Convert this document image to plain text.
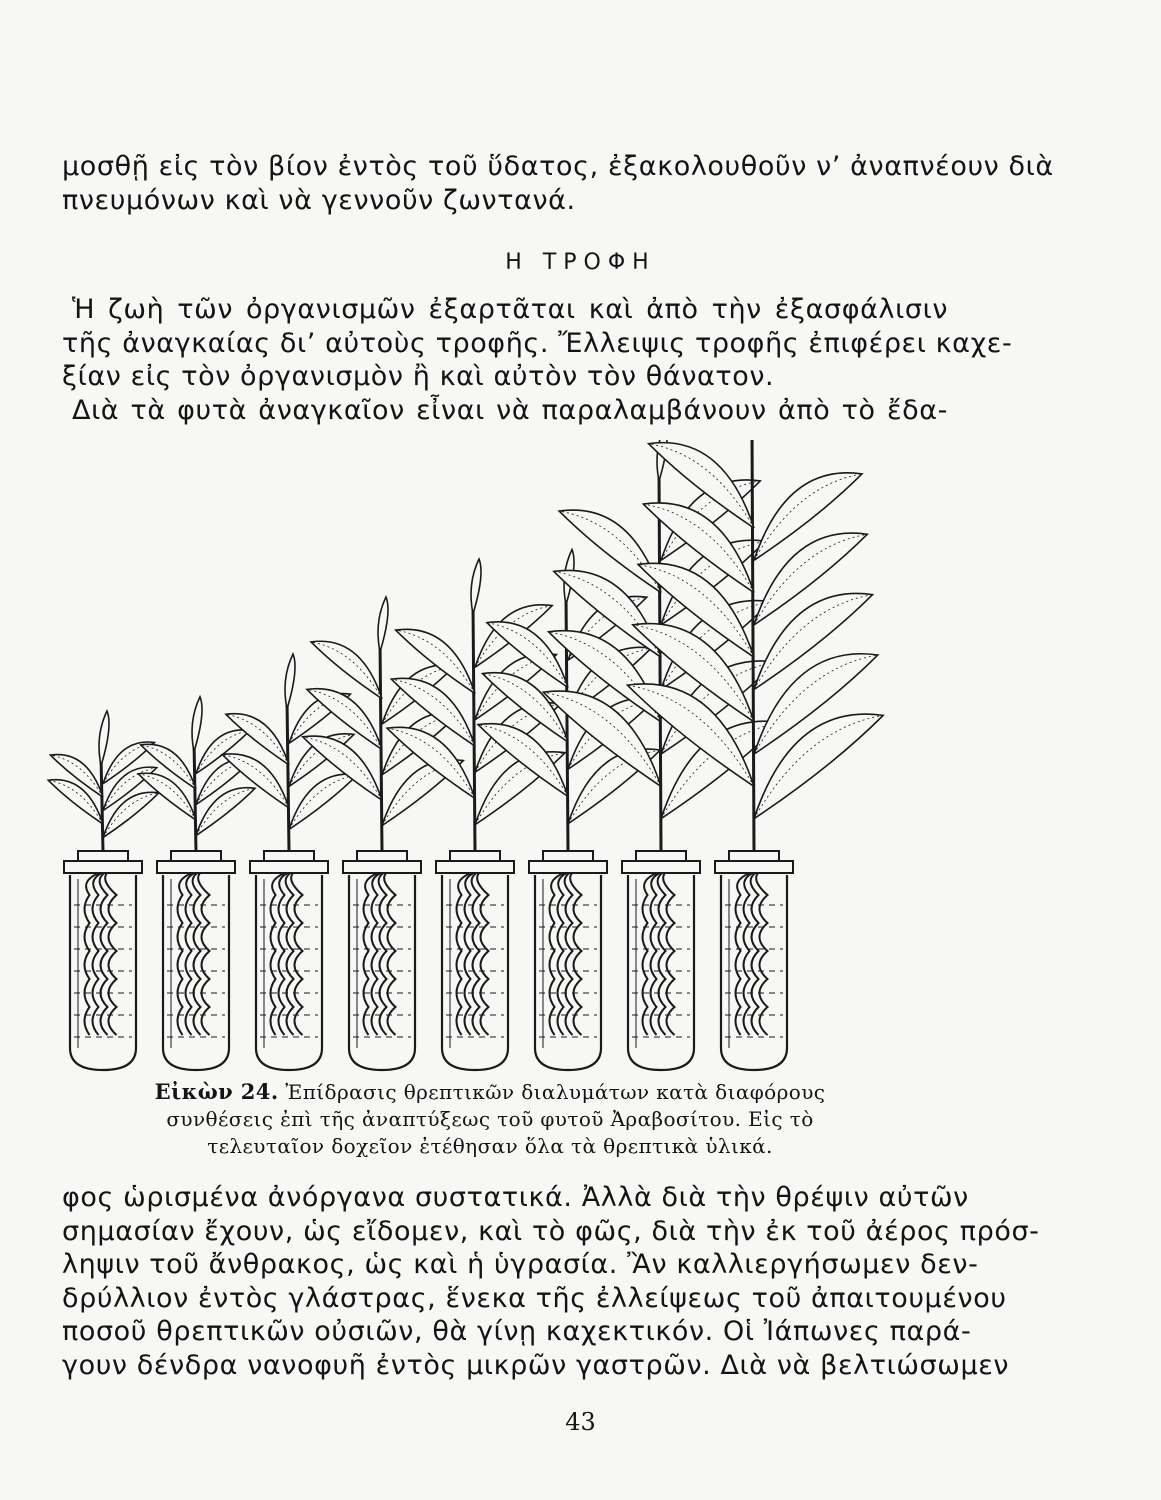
μοσθῇ εἰς τὸν βίον ἐντὸς τοῦ ὕδατος, ἐξακολουθοῦν ν’ ἀναπνέουν διὰ
πνευμόνων καὶ νὰ γεννοῦν ζωντανά.
Η ΤΡΟΦΗ
Ἡ ζωὴ τῶν ὀργανισμῶν ἐξαρτᾶται καὶ ἀπὸ τὴν ἐξασφάλισιν
τῆς ἀναγκαίας δι’ αὐτοὺς τροφῆς. Ἔλλειψις τροφῆς ἐπιφέρει καχε-
ξίαν εἰς τὸν ὀργανισμὸν ἢ καὶ αὐτὸν τὸν θάνατον.
Διὰ τὰ φυτὰ ἀναγκαῖον εἶναι νὰ παραλαμβάνουν ἀπὸ τὸ ἔδα-
Εἰκὼν 24. Ἐπίδρασις θρεπτικῶν διαλυμάτων κατὰ διαφόρους
συνθέσεις ἐπὶ τῆς ἀναπτύξεως τοῦ φυτοῦ Ἀραβοσίτου. Εἰς τὸ
τελευταῖον δοχεῖον ἐτέθησαν ὅλα τὰ θρεπτικὰ ὑλικά.
φος ὡρισμένα ἀνόργανα συστατικά. Ἀλλὰ διὰ τὴν θρέψιν αὐτῶν
σημασίαν ἔχουν, ὡς εἴδομεν, καὶ τὸ φῶς, διὰ τὴν ἐκ τοῦ ἀέρος πρόσ-
ληψιν τοῦ ἄνθρακος, ὡς καὶ ἡ ὑγρασία. Ἂν καλλιεργήσωμεν δεν-
δρύλλιον ἐντὸς γλάστρας, ἕνεκα τῆς ἐλλείψεως τοῦ ἀπαιτουμένου
ποσοῦ θρεπτικῶν οὐσιῶν, θὰ γίνῃ καχεκτικόν. Οἱ Ἰάπωνες παρά-
γουν δένδρα νανοφυῆ ἐντὸς μικρῶν γαστρῶν. Διὰ νὰ βελτιώσωμεν
43
